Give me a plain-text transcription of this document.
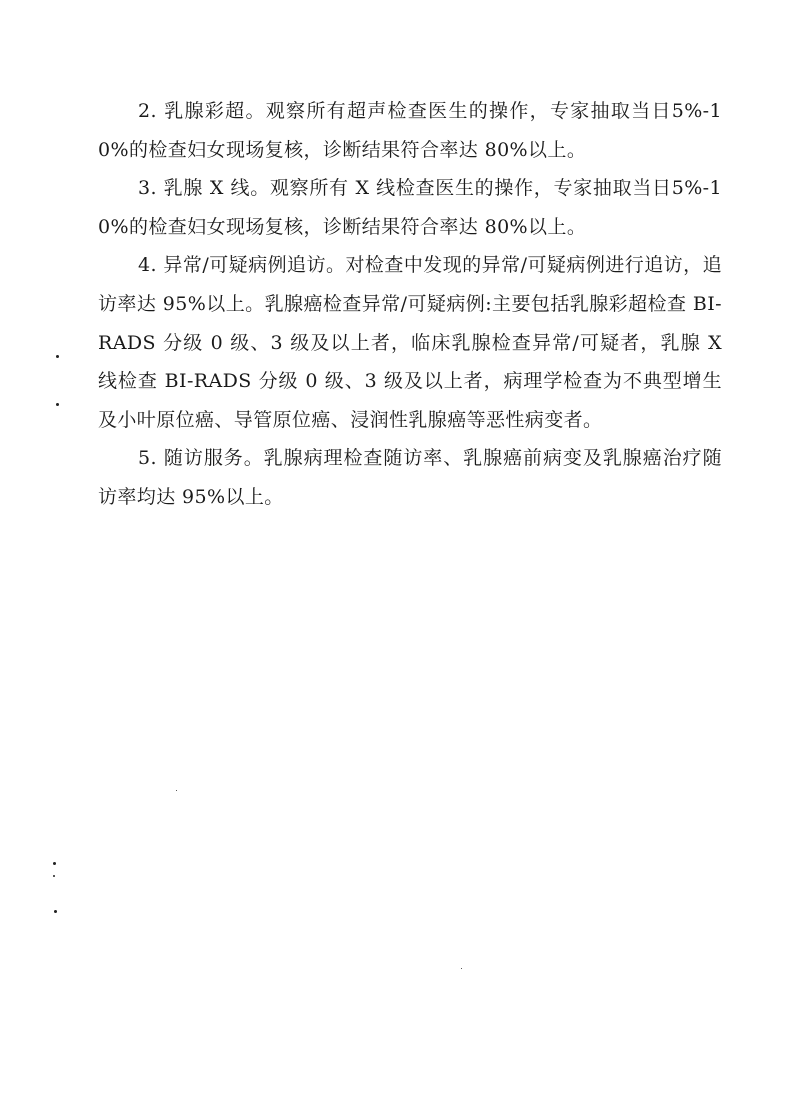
2. 乳腺彩超。观察所有超声检查医生的操作，专家抽取当日5%-10%的检查妇女现场复核，诊断结果符合率达 80%以上。

3. 乳腺 X 线。观察所有 X 线检查医生的操作，专家抽取当日5%-10%的检查妇女现场复核，诊断结果符合率达 80%以上。

4. 异常/可疑病例追访。对检查中发现的异常/可疑病例进行追访，追访率达 95%以上。乳腺癌检查异常/可疑病例:主要包括乳腺彩超检查 BI-RADS 分级 0 级、3 级及以上者，临床乳腺检查异常/可疑者，乳腺 X 线检查 BI-RADS 分级 0 级、3 级及以上者，病理学检查为不典型增生及小叶原位癌、导管原位癌、浸润性乳腺癌等恶性病变者。

5. 随访服务。乳腺病理检查随访率、乳腺癌前病变及乳腺癌治疗随访率均达 95%以上。
